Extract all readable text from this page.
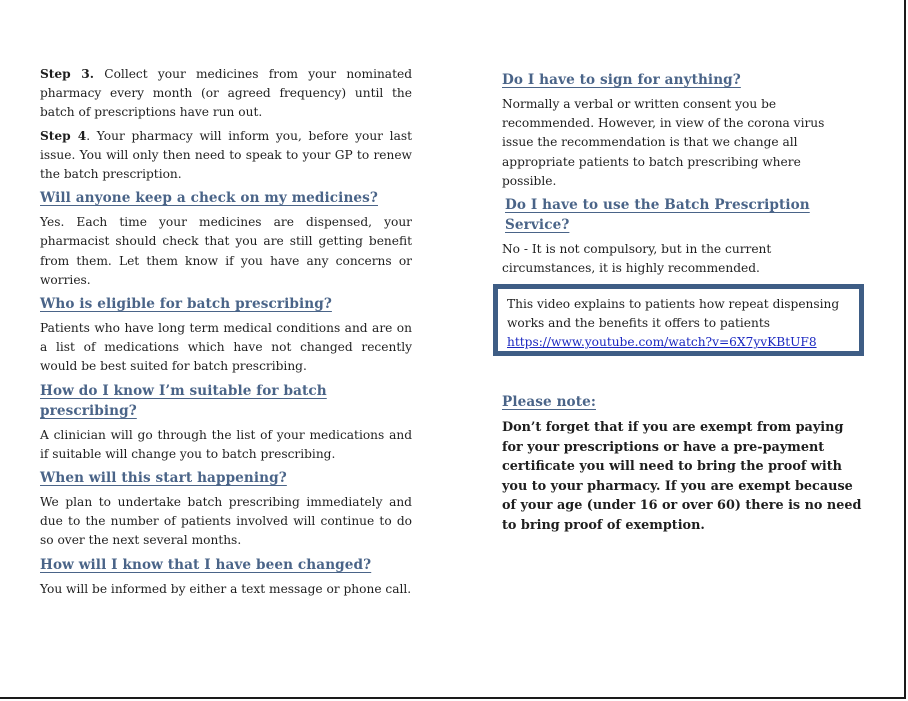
Step 3. Collect your medicines from your nominated pharmacy every month (or agreed frequency) until the batch of prescriptions have run out.

Step 4. Your pharmacy will inform you, before your last issue. You will only then need to speak to your GP to renew the batch prescription.

Will anyone keep a check on my medicines?

Yes. Each time your medicines are dispensed, your pharmacist should check that you are still getting benefit from them. Let them know if you have any concerns or worries.

Who is eligible for batch prescribing?

Patients who have long term medical conditions and are on a list of medications which have not changed recently would be best suited for batch prescribing.

How do I know I’m suitable for batch prescribing?

A clinician will go through the list of your medications and if suitable will change you to batch prescribing.

When will this start happening?

We plan to undertake batch prescribing immediately and due to the number of patients involved will continue to do so over the next several months.

How will I know that I have been changed?

You will be informed by either a text message or phone call.

Do I have to sign for anything?

Normally a verbal or written consent you be recommended. However, in view of the corona virus issue the recommendation is that we change all appropriate patients to batch prescribing where possible.

Do I have to use the Batch Prescription Service?

No - It is not compulsory, but in the current circumstances, it is highly recommended.

This video explains to patients how repeat dispensing works and the benefits it offers to patients https://www.youtube.com/watch?v=6X7yvKBtUF8
Please note:

Don’t forget that if you are exempt from paying for your prescriptions or have a pre-payment certificate you will need to bring the proof with you to your pharmacy. If you are exempt because of your age (under 16 or over 60) there is no need to bring proof of exemption.
